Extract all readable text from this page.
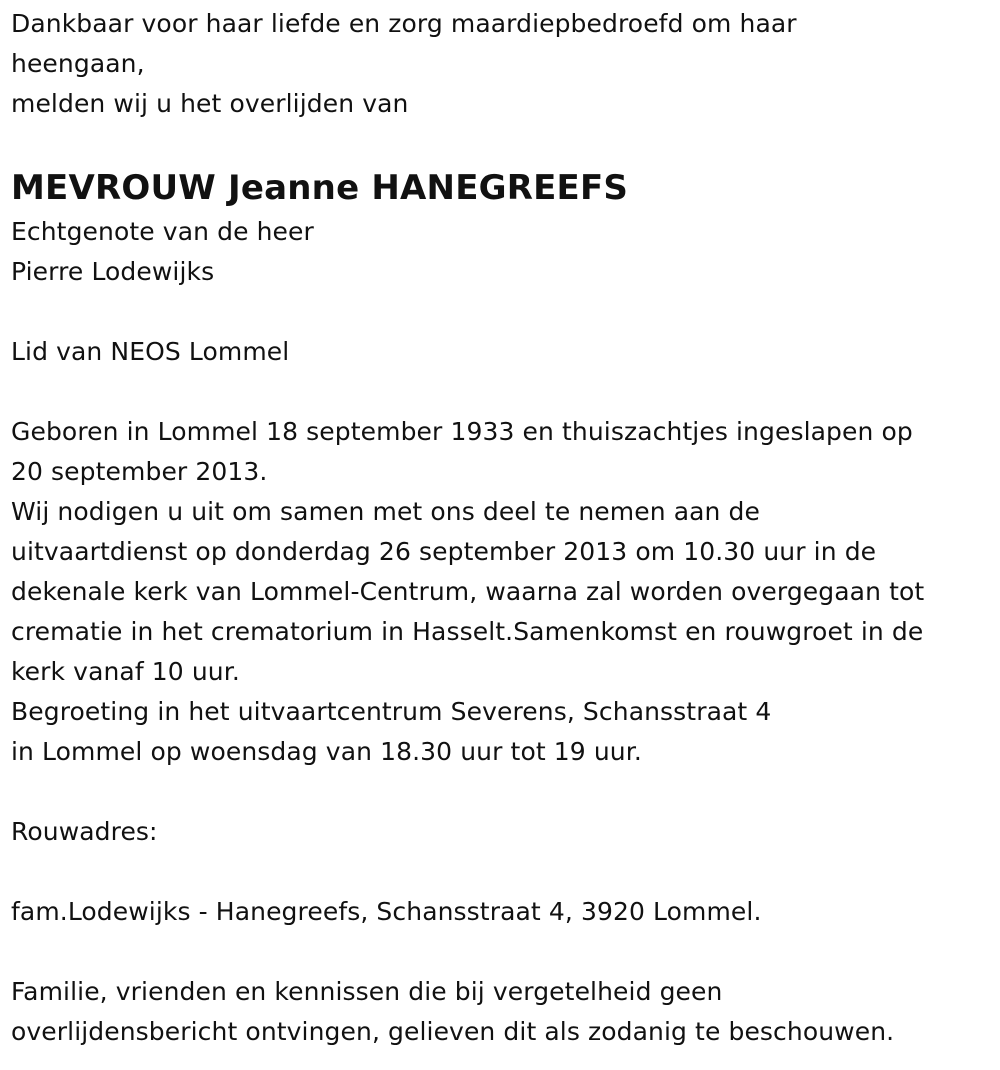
Dankbaar voor haar liefde en zorg maardiepbedroefd om haar
heengaan,
melden wij u het overlijden van
MEVROUW Jeanne HANEGREEFS
Echtgenote van de heer
Pierre Lodewijks
Lid van NEOS Lommel
Geboren in Lommel 18 september 1933 en thuiszachtjes ingeslapen op
20 september 2013.
Wij nodigen u uit om samen met ons deel te nemen aan de
uitvaartdienst op donderdag 26 september 2013 om 10.30 uur in de
dekenale kerk van Lommel-Centrum, waarna zal worden overgegaan tot
crematie in het crematorium in Hasselt.Samenkomst en rouwgroet in de
kerk vanaf 10 uur.
Begroeting in het uitvaartcentrum Severens, Schansstraat 4
in Lommel op woensdag van 18.30 uur tot 19 uur.
Rouwadres:
fam.Lodewijks - Hanegreefs, Schansstraat 4, 3920 Lommel.
Familie, vrienden en kennissen die bij vergetelheid geen
overlijdensbericht ontvingen, gelieven dit als zodanig te beschouwen.
